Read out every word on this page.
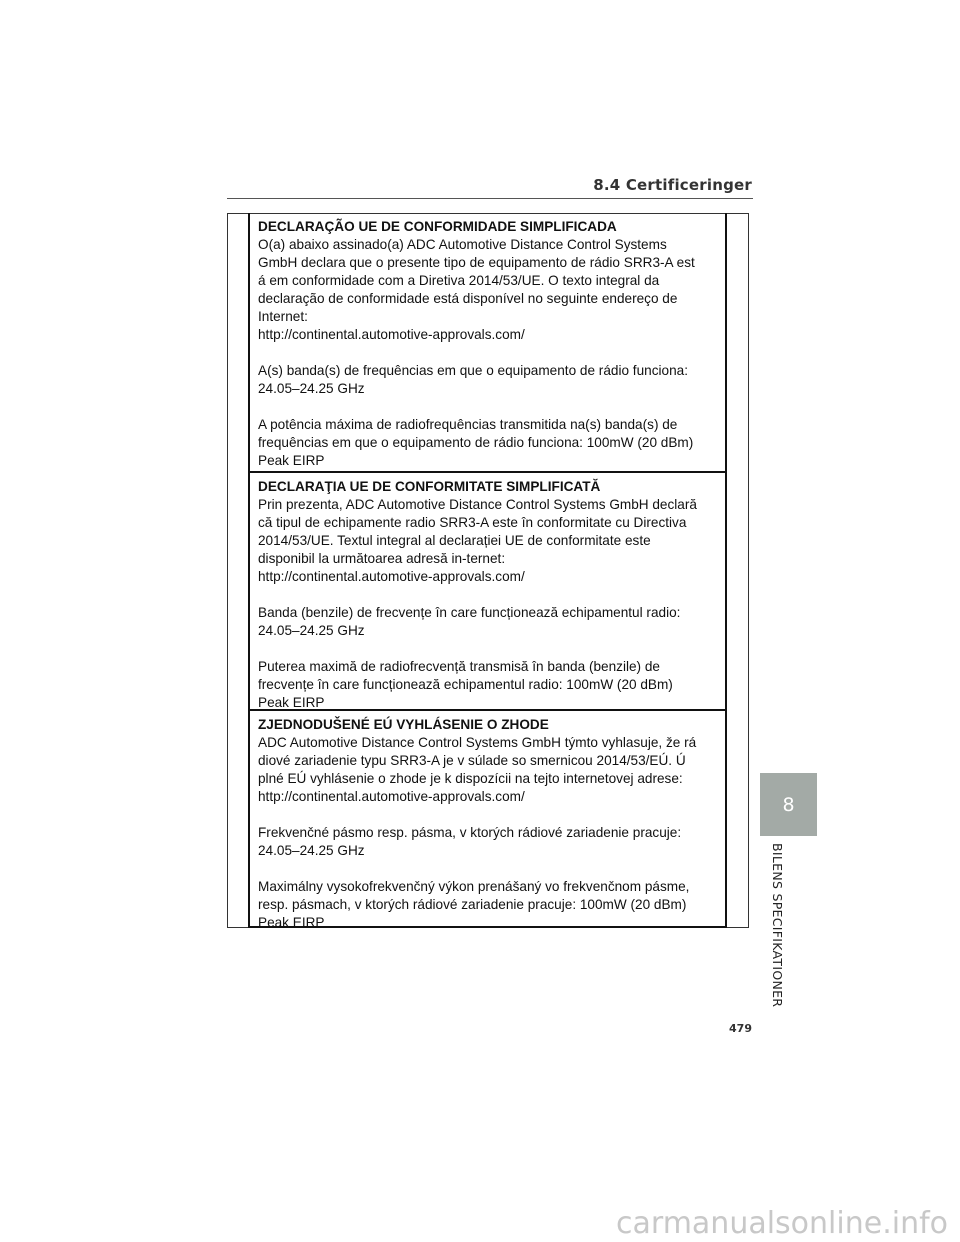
8.4 Certificeringer
DECLARAÇÃO UE DE CONFORMIDADE SIMPLIFICADA
O(a) abaixo assinado(a) ADC Automotive Distance Control Systems
GmbH declara que o presente tipo de equipamento de rádio SRR3-A est
á em conformidade com a Diretiva 2014/53/UE. O texto integral da
declaração de conformidade está disponível no seguinte endereço de
Internet:
http://continental.automotive-approvals.com/
A(s) banda(s) de frequências em que o equipamento de rádio funciona:
24.05–24.25 GHz
A potência máxima de radiofrequências transmitida na(s) banda(s) de
frequências em que o equipamento de rádio funciona: 100mW (20 dBm)
Peak EIRP
DECLARAŢIA UE DE CONFORMITATE SIMPLIFICATĂ
Prin prezenta, ADC Automotive Distance Control Systems GmbH declară
că tipul de echipamente radio SRR3-A este în conformitate cu Directiva
2014/53/UE. Textul integral al declarației UE de conformitate este
disponibil la următoarea adresă in-ternet:
http://continental.automotive-approvals.com/
Banda (benzile) de frecvențe în care funcționează echipamentul radio:
24.05–24.25 GHz
Puterea maximă de radiofrecvență transmisă în banda (benzile) de
frecvențe în care funcționează echipamentul radio: 100mW (20 dBm)
Peak EIRP
ZJEDNODUŠENÉ EÚ VYHLÁSENIE O ZHODE
ADC Automotive Distance Control Systems GmbH týmto vyhlasuje, že rá
diové zariadenie typu SRR3-A je v súlade so smernicou 2014/53/EÚ. Ú
plné EÚ vyhlásenie o zhode je k dispozícii na tejto internetovej adrese:
http://continental.automotive-approvals.com/
Frekvenčné pásmo resp. pásma, v ktorých rádiové zariadenie pracuje:
24.05–24.25 GHz
Maximálny vysokofrekvenčný výkon prenášaný vo frekvenčnom pásme,
resp. pásmach, v ktorých rádiové zariadenie pracuje: 100mW (20 dBm)
Peak EIRP
8
BILENS SPECIFIKATIONER
479
carmanualsonline.info
